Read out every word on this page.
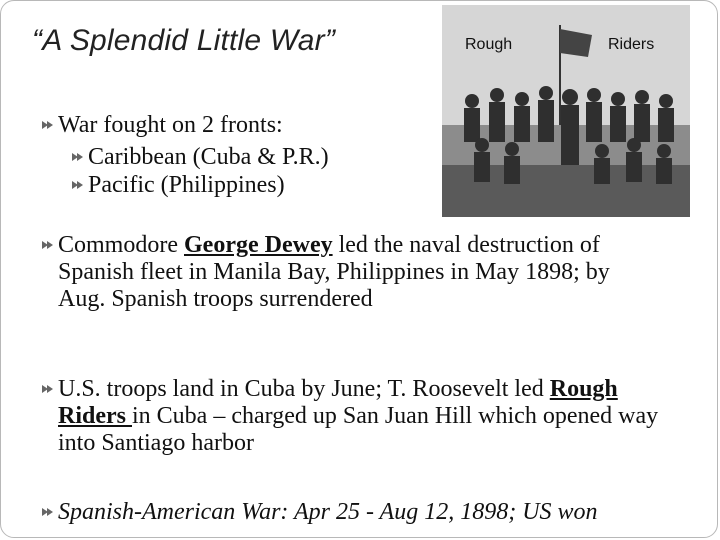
“A Splendid Little War”	Rough	Riders
War fought on 2 fronts:
Caribbean (Cuba & P.R.)
Pacific (Philippines)
Commodore George Dewey led the naval destruction of Spanish fleet in Manila Bay, Philippines in May 1898; by Aug. Spanish troops surrendered
U.S. troops land in Cuba by June; T. Roosevelt led Rough Riders in Cuba – charged up San Juan Hill which opened way into Santiago harbor
Spanish-American War: Apr 25 - Aug 12, 1898; US won
